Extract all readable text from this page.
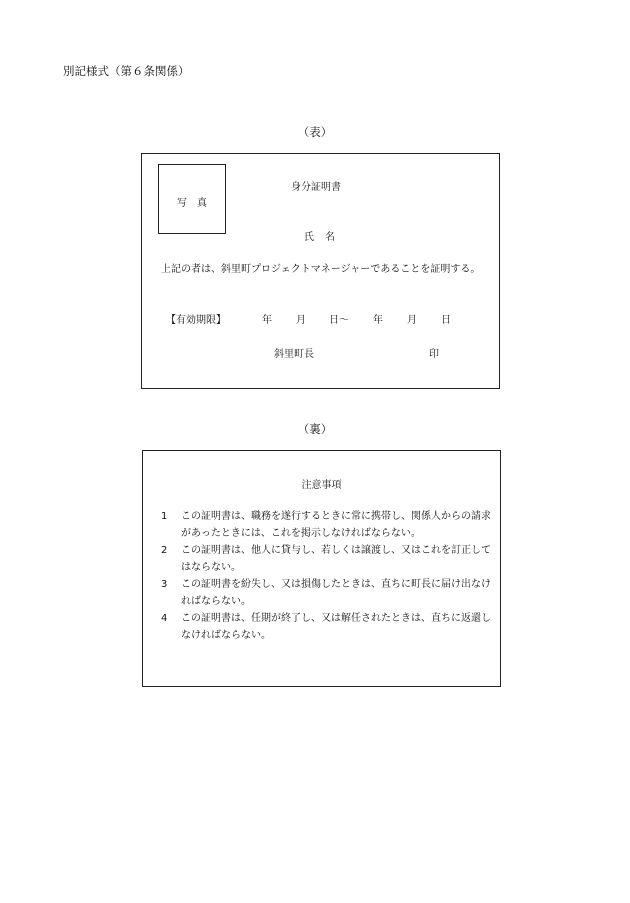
別記様式（第６条関係）
（表）
写真
身分証明書
氏名
上記の者は、斜里町プロジェクトマネージャーであることを証明する。
【有効期限】	年 月 日～ 年 月 日
斜里町長	印
（裏）
注意事項
1 この証明書は、職務を遂行するときに常に携帯し、関係人からの請求があったときには、これを掲示しなければならない。
2 この証明書は、他人に貸与し、若しくは譲渡し、又はこれを訂正してはならない。
3 この証明書を紛失し、又は損傷したときは、直ちに町長に届け出なければならない。
4 この証明書は、任期が終了し、又は解任されたときは、直ちに返還しなければならない。
